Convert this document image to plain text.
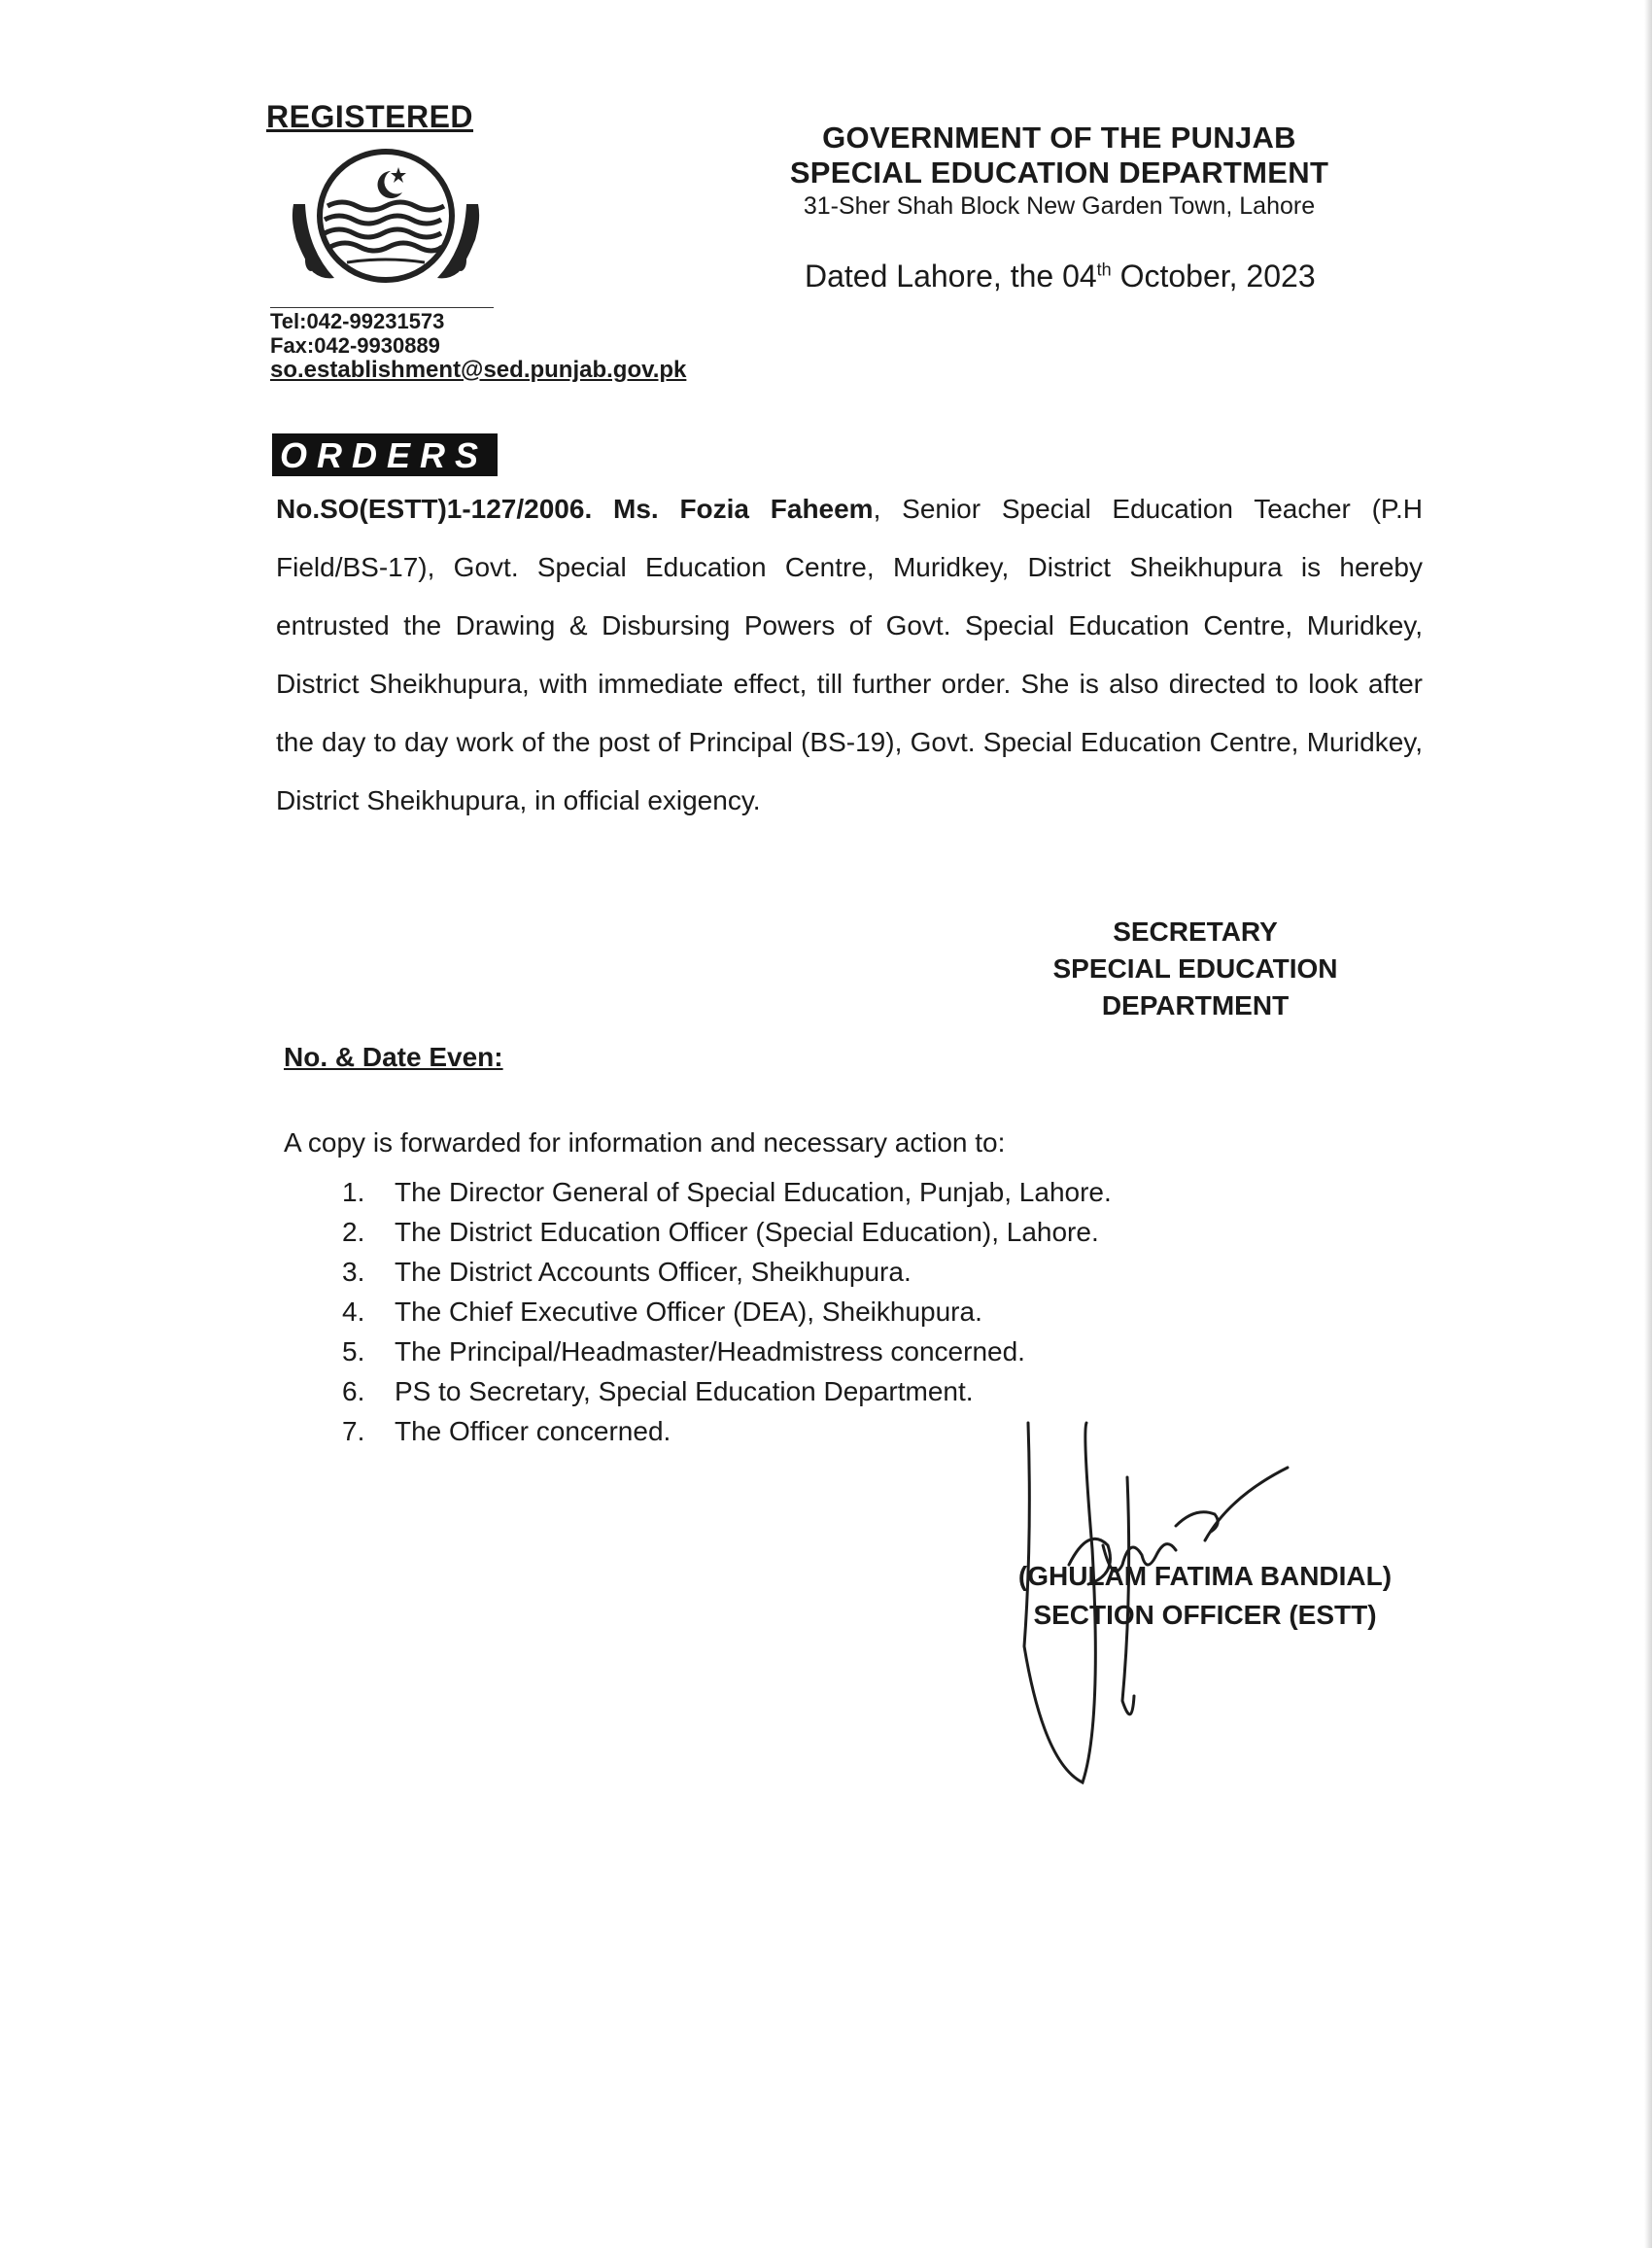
REGISTERED
Tel:042-99231573
Fax:042-9930889
so.establishment@sed.punjab.gov.pk
GOVERNMENT OF THE PUNJAB
SPECIAL EDUCATION DEPARTMENT
31-Sher Shah Block New Garden Town, Lahore
Dated Lahore, the 04th October, 2023
ORDERS
No.SO(ESTT)1-127/2006. Ms. Fozia Faheem, Senior Special Education Teacher (P.H Field/BS-17), Govt. Special Education Centre, Muridkey, District Sheikhupura is hereby entrusted the Drawing & Disbursing Powers of Govt. Special Education Centre, Muridkey, District Sheikhupura, with immediate effect, till further order. She is also directed to look after the day to day work of the post of Principal (BS-19), Govt. Special Education Centre, Muridkey, District Sheikhupura, in official exigency.
SECRETARY
SPECIAL EDUCATION
DEPARTMENT
No. & Date Even:
A copy is forwarded for information and necessary action to:
1.	The Director General of Special Education, Punjab, Lahore.
2.	The District Education Officer (Special Education), Lahore.
3.	The District Accounts Officer, Sheikhupura.
4.	The Chief Executive Officer (DEA), Sheikhupura.
5.	The Principal/Headmaster/Headmistress concerned.
6.	PS to Secretary, Special Education Department.
7.	The Officer concerned.
(GHULAM FATIMA BANDIAL)
SECTION OFFICER (ESTT)
